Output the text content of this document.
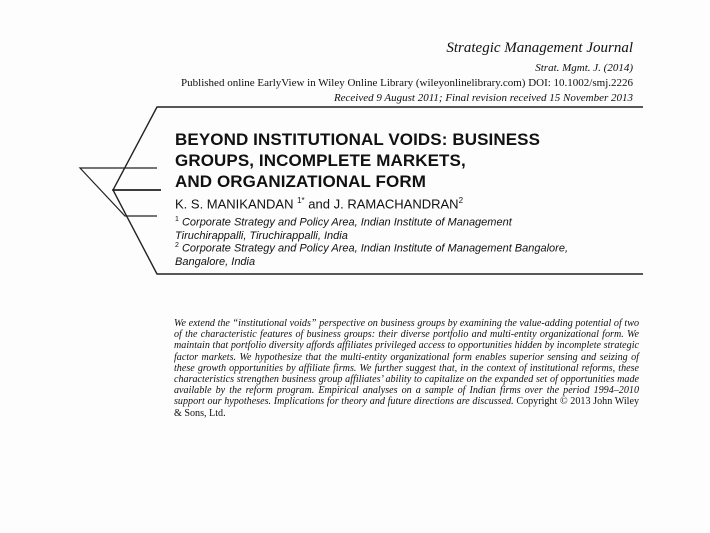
Strategic Management Journal
Strat. Mgmt. J. (2014)
Published online EarlyView in Wiley Online Library (wileyonlinelibrary.com) DOI: 10.1002/smj.2226
Received 9 August 2011; Final revision received 15 November 2013
BEYOND INSTITUTIONAL VOIDS: BUSINESS
GROUPS, INCOMPLETE MARKETS,
AND ORGANIZATIONAL FORM
K. S. MANIKANDAN $^{1*}$ and J. RAMACHANDRAN$^2$
$^1$ Corporate Strategy and Policy Area, Indian Institute of Management
Tiruchirappalli, Tiruchirappalli, India
$^2$ Corporate Strategy and Policy Area, Indian Institute of Management Bangalore,
Bangalore, India
We extend the “institutional voids” perspective on business groups by examining the value-adding potential of two of the characteristic features of business groups: their diverse portfolio and multi-entity organizational form. We maintain that portfolio diversity affords affiliates privileged access to opportunities hidden by incomplete strategic factor markets. We hypothesize that the multi-entity organizational form enables superior sensing and seizing of these growth opportunities by affiliate firms. We further suggest that, in the context of institutional reforms, these characteristics strengthen business group affiliates’ ability to capitalize on the expanded set of opportunities made available by the reform program. Empirical analyses on a sample of Indian firms over the period 1994–2010 support our hypotheses. Implications for theory and future directions are discussed. Copyright © 2013 John Wiley & Sons, Ltd.
